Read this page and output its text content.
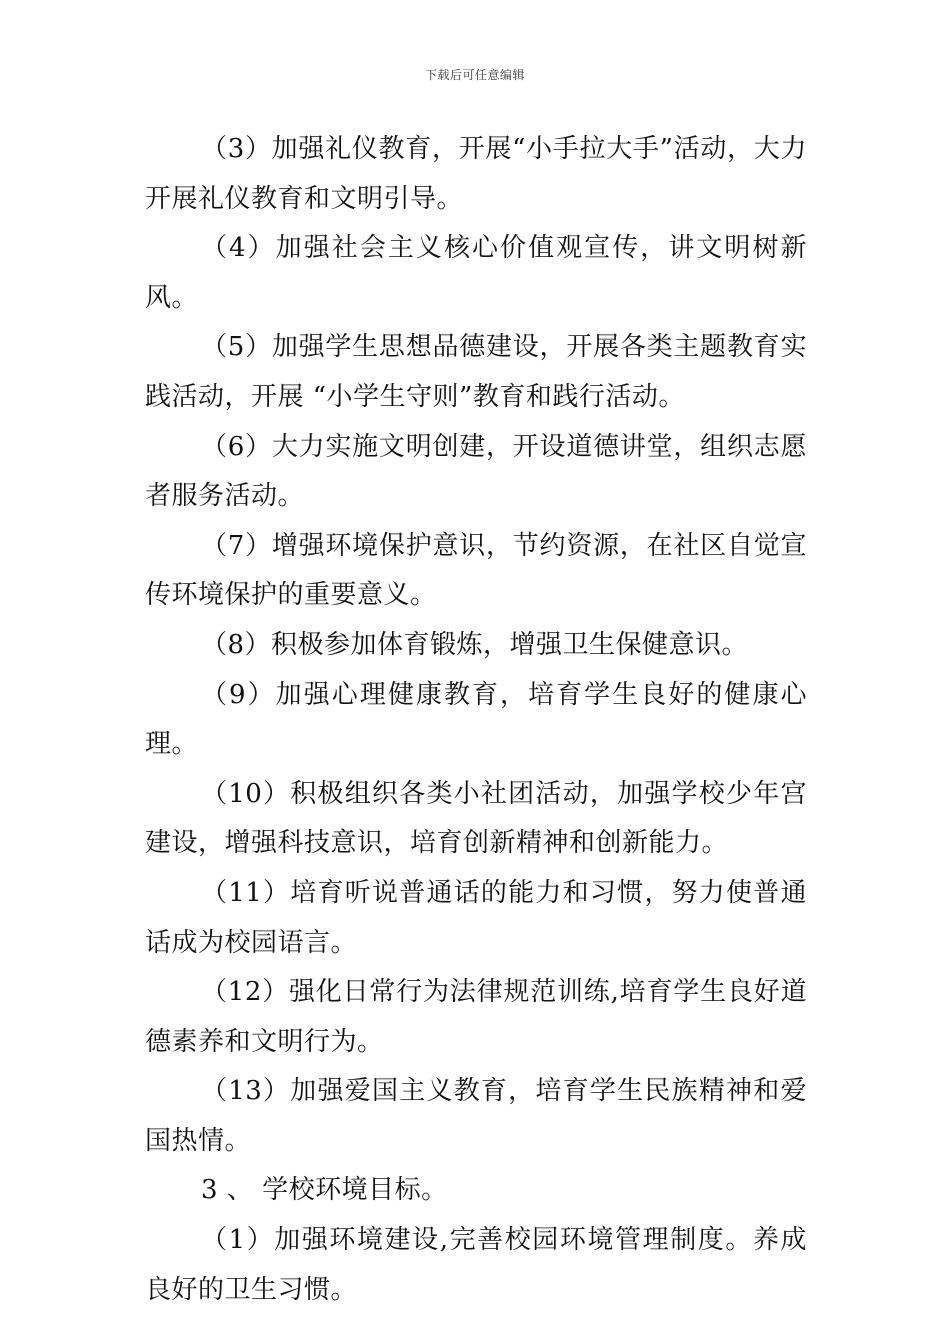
下载后可任意编辑

（3）加强礼仪教育，开展“小手拉大手”活动，大力开展礼仪教育和文明引导。

（4）加强社会主义核心价值观宣传，讲文明树新风。

（5）加强学生思想品德建设，开展各类主题教育实践活动，开展 “小学生守则”教育和践行活动。

（6）大力实施文明创建，开设道德讲堂，组织志愿者服务活动。

（7）增强环境保护意识，节约资源，在社区自觉宣传环境保护的重要意义。

（8）积极参加体育锻炼，增强卫生保健意识。

（9）加强心理健康教育，培育学生良好的健康心理。

（10）积极组织各类小社团活动，加强学校少年宫建设，增强科技意识，培育创新精神和创新能力。

（11）培育听说普通话的能力和习惯，努力使普通话成为校园语言。

（12）强化日常行为法律规范训练,培育学生良好道德素养和文明行为。

（13）加强爱国主义教育，培育学生民族精神和爱国热情。

3 、 学校环境目标。

（1）加强环境建设,完善校园环境管理制度。养成良好的卫生习惯。
